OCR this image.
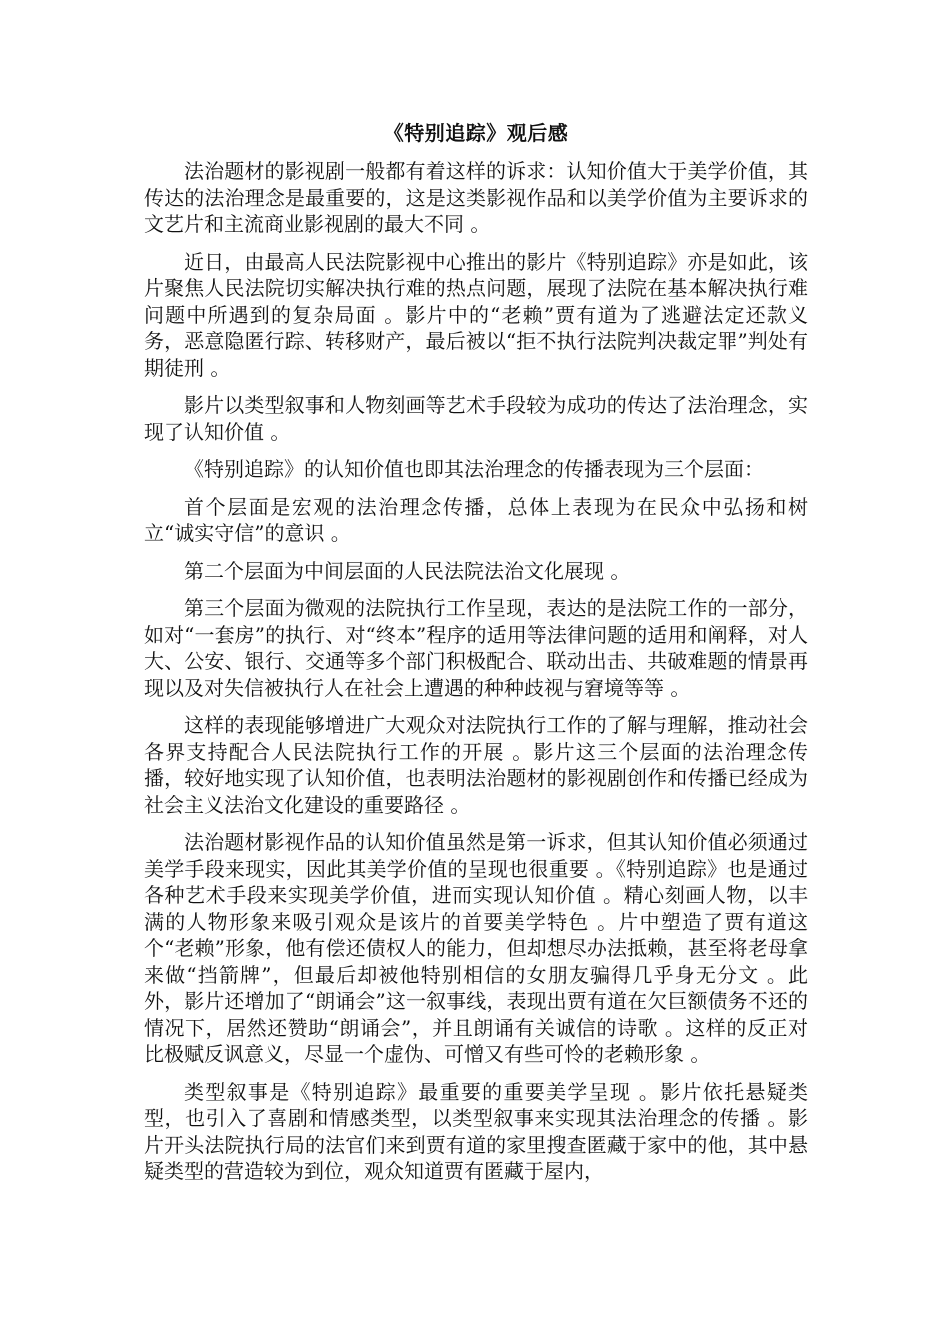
《特别追踪》观后感

法治题材的影视剧一般都有着这样的诉求：认知价值大于美学价值，其传达的法治理念是最重要的，这是这类影视作品和以美学价值为主要诉求的文艺片和主流商业影视剧的最大不同 。

近日，由最高人民法院影视中心推出的影片《特别追踪》亦是如此，该片聚焦人民法院切实解决执行难的热点问题，展现了法院在基本解决执行难问题中所遇到的复杂局面 。影片中的“老赖”贾有道为了逃避法定还款义务，恶意隐匿行踪、转移财产，最后被以“拒不执行法院判决裁定罪”判处有期徒刑 。

影片以类型叙事和人物刻画等艺术手段较为成功的传达了法治理念，实现了认知价值 。

《特别追踪》的认知价值也即其法治理念的传播表现为三个层面：

首个层面是宏观的法治理念传播，总体上表现为在民众中弘扬和树立“诚实守信”的意识 。

第二个层面为中间层面的人民法院法治文化展现 。

第三个层面为微观的法院执行工作呈现，表达的是法院工作的一部分，如对“一套房”的执行、对“终本”程序的适用等法律问题的适用和阐释，对人大、公安、银行、交通等多个部门积极配合、联动出击、共破难题的情景再现以及对失信被执行人在社会上遭遇的种种歧视与窘境等等 。

这样的表现能够增进广大观众对法院执行工作的了解与理解，推动社会各界支持配合人民法院执行工作的开展 。影片这三个层面的法治理念传播，较好地实现了认知价值，也表明法治题材的影视剧创作和传播已经成为社会主义法治文化建设的重要路径 。

法治题材影视作品的认知价值虽然是第一诉求，但其认知价值必须通过美学手段来现实，因此其美学价值的呈现也很重要 。《特别追踪》也是通过各种艺术手段来实现美学价值，进而实现认知价值 。精心刻画人物，以丰满的人物形象来吸引观众是该片的首要美学特色 。片中塑造了贾有道这个“老赖”形象，他有偿还债权人的能力，但却想尽办法抵赖，甚至将老母拿来做“挡箭牌”，但最后却被他特别相信的女朋友骗得几乎身无分文 。此外，影片还增加了“朗诵会”这一叙事线，表现出贾有道在欠巨额债务不还的情况下，居然还赞助“朗诵会”，并且朗诵有关诚信的诗歌 。这样的反正对比极赋反讽意义，尽显一个虚伪、可憎又有些可怜的老赖形象 。

类型叙事是《特别追踪》最重要的重要美学呈现 。影片依托悬疑类型，也引入了喜剧和情感类型，以类型叙事来实现其法治理念的传播 。影片开头法院执行局的法官们来到贾有道的家里搜查匿藏于家中的他，其中悬疑类型的营造较为到位，观众知道贾有匿藏于屋内，
